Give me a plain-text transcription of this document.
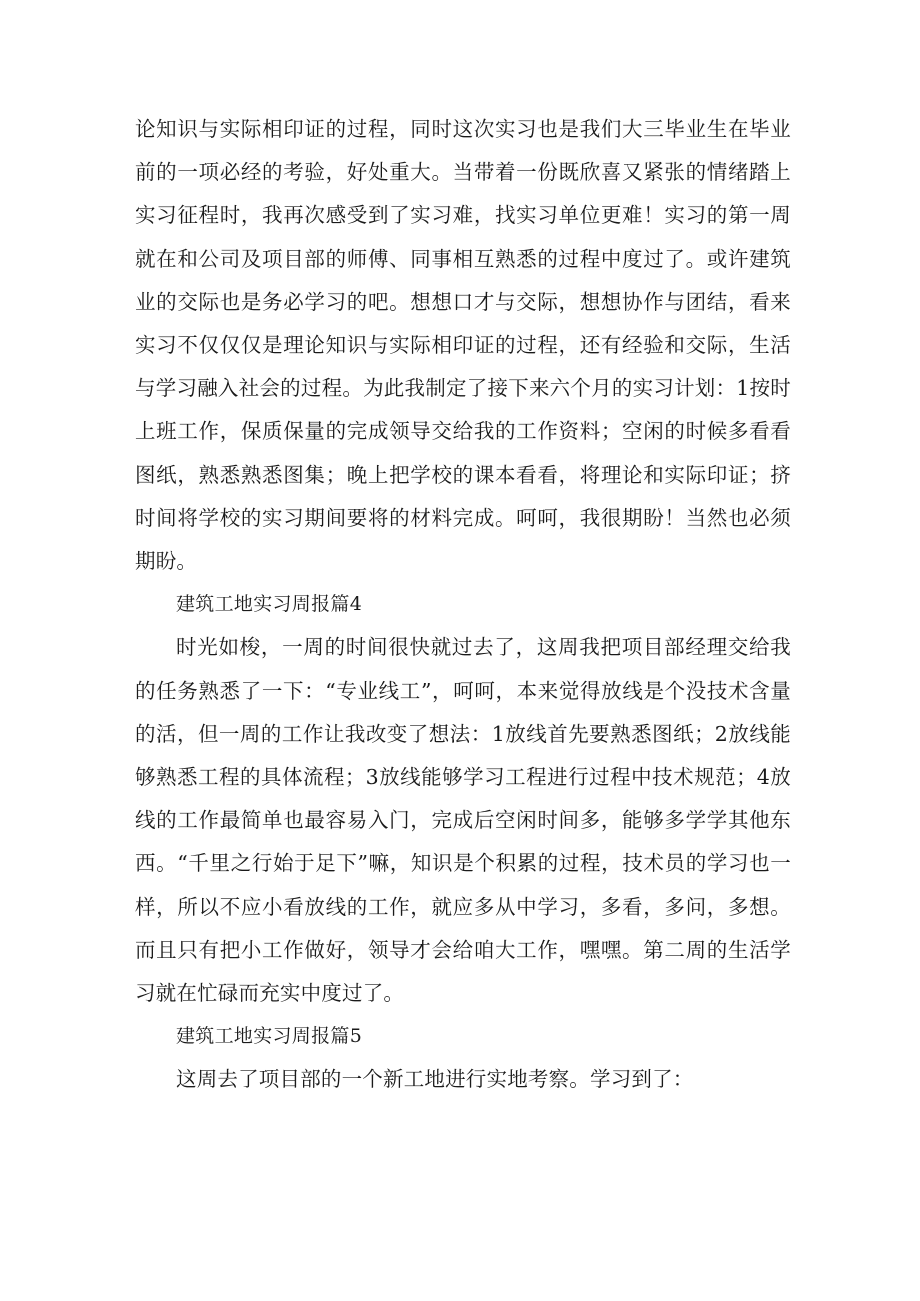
论知识与实际相印证的过程，同时这次实习也是我们大三毕业生在毕业前的一项必经的考验，好处重大。当带着一份既欣喜又紧张的情绪踏上实习征程时，我再次感受到了实习难，找实习单位更难！实习的第一周就在和公司及项目部的师傅、同事相互熟悉的过程中度过了。或许建筑业的交际也是务必学习的吧。想想口才与交际，想想协作与团结，看来实习不仅仅仅是理论知识与实际相印证的过程，还有经验和交际，生活与学习融入社会的过程。为此我制定了接下来六个月的实习计划：1按时上班工作，保质保量的完成领导交给我的工作资料；空闲的时候多看看图纸，熟悉熟悉图集；晚上把学校的课本看看，将理论和实际印证；挤时间将学校的实习期间要将的材料完成。呵呵，我很期盼！当然也必须期盼。

建筑工地实习周报篇4

时光如梭，一周的时间很快就过去了，这周我把项目部经理交给我的任务熟悉了一下：“专业线工”，呵呵，本来觉得放线是个没技术含量的活，但一周的工作让我改变了想法：1放线首先要熟悉图纸；2放线能够熟悉工程的具体流程；3放线能够学习工程进行过程中技术规范；4放线的工作最简单也最容易入门，完成后空闲时间多，能够多学学其他东西。“千里之行始于足下”嘛，知识是个积累的过程，技术员的学习也一样，所以不应小看放线的工作，就应多从中学习，多看，多问，多想。而且只有把小工作做好，领导才会给咱大工作，嘿嘿。第二周的生活学习就在忙碌而充实中度过了。

建筑工地实习周报篇5

这周去了项目部的一个新工地进行实地考察。学习到了：
